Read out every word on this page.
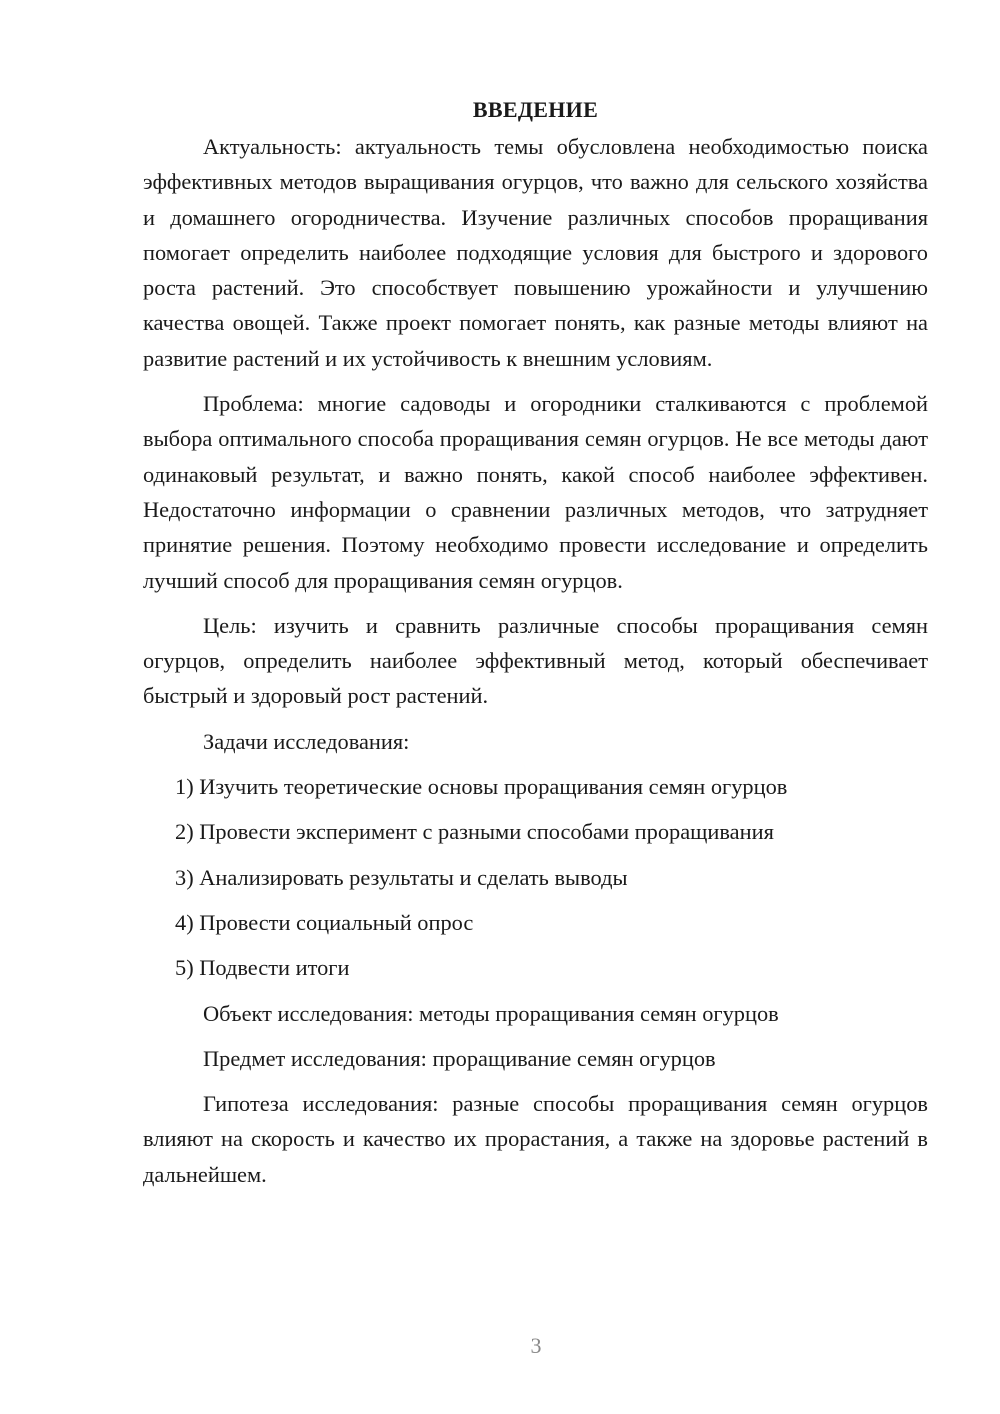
ВВЕДЕНИЕ

Актуальность: актуальность темы обусловлена необходимостью поиска эффективных методов выращивания огурцов, что важно для сельского хозяйства и домашнего огородничества. Изучение различных способов проращивания помогает определить наиболее подходящие условия для быстрого и здорового роста растений. Это способствует повышению урожайности и улучшению качества овощей. Также проект помогает понять, как разные методы влияют на развитие растений и их устойчивость к внешним условиям.

Проблема: многие садоводы и огородники сталкиваются с проблемой выбора оптимального способа проращивания семян огурцов. Не все методы дают одинаковый результат, и важно понять, какой способ наиболее эффективен. Недостаточно информации о сравнении различных методов, что затрудняет принятие решения. Поэтому необходимо провести исследование и определить лучший способ для проращивания семян огурцов.

Цель: изучить и сравнить различные способы проращивания семян огурцов, определить наиболее эффективный метод, который обеспечивает быстрый и здоровый рост растений.

Задачи исследования:

1) Изучить теоретические основы проращивания семян огурцов

2) Провести эксперимент с разными способами проращивания

3) Анализировать результаты и сделать выводы

4) Провести социальный опрос

5) Подвести итоги

Объект исследования: методы проращивания семян огурцов

Предмет исследования: проращивание семян огурцов

Гипотеза исследования: разные способы проращивания семян огурцов влияют на скорость и качество их прорастания, а также на здоровье растений в дальнейшем.

3
